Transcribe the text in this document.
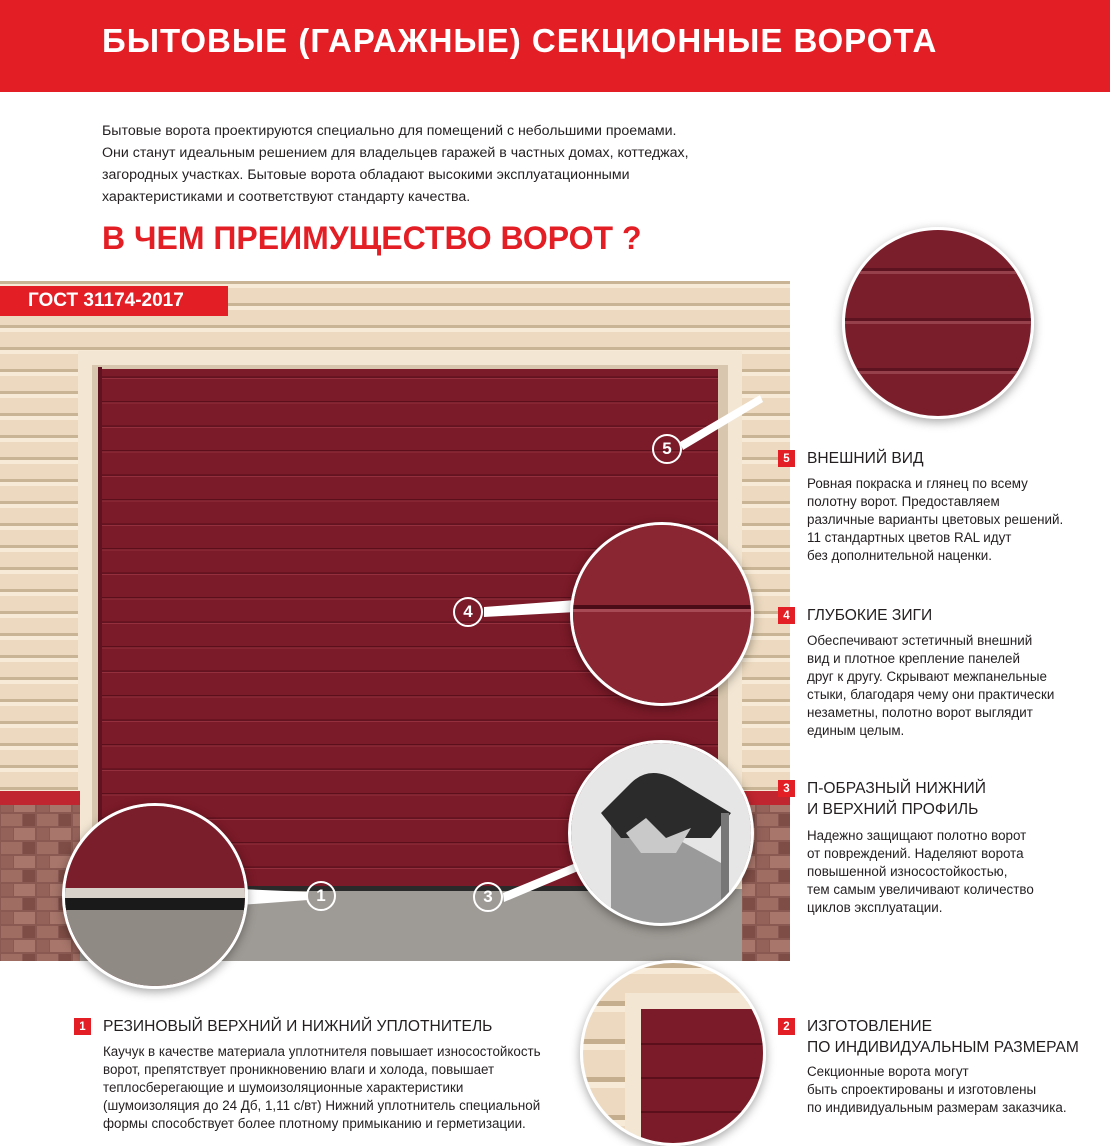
БЫТОВЫЕ (ГАРАЖНЫЕ) СЕКЦИОННЫЕ ВОРОТА
Бытовые ворота проектируются специально для помещений с небольшими проемами.
Они станут идеальным решением для владельцев гаражей в частных домах, коттеджах,
загородных участках. Бытовые ворота обладают высокими эксплуатационными
характеристиками и соответствуют стандарту качества.
В ЧЕМ ПРЕИМУЩЕСТВО ВОРОТ ?
ГОСТ 31174-2017
1	3
4
5
5	ВНЕШНИЙ ВИД
Ровная покраска и глянец по всему
полотну ворот. Предоставляем
различные варианты цветовых решений.
11 стандартных цветов RAL идут
без дополнительной наценки.
4	ГЛУБОКИЕ ЗИГИ
Обеспечивают эстетичный внешний
вид и плотное крепление панелей
друг к другу. Скрывают межпанельные
стыки, благодаря чему они практически
незаметны, полотно ворот выглядит
единым целым.
3	П-ОБРАЗНЫЙ НИЖНИЙ
И ВЕРХНИЙ ПРОФИЛЬ
Надежно защищают полотно ворот
от повреждений. Наделяют ворота
повышенной износостойкостью,
тем самым увеличивают количество
циклов эксплуатации.
1	РЕЗИНОВЫЙ ВЕРХНИЙ И НИЖНИЙ УПЛОТНИТЕЛЬ
Каучук в качестве материала уплотнителя повышает износостойкость
ворот, препятствует проникновению влаги и холода, повышает
теплосберегающие и шумоизоляционные характеристики
(шумоизоляция до 24 Дб, 1,11 с/вт) Нижний уплотнитель специальной
формы способствует более плотному примыканию и герметизации.
2	ИЗГОТОВЛЕНИЕ
ПО ИНДИВИДУАЛЬНЫМ РАЗМЕРАМ
Секционные ворота могут
быть спроектированы и изготовлены
по индивидуальным размерам заказчика.
